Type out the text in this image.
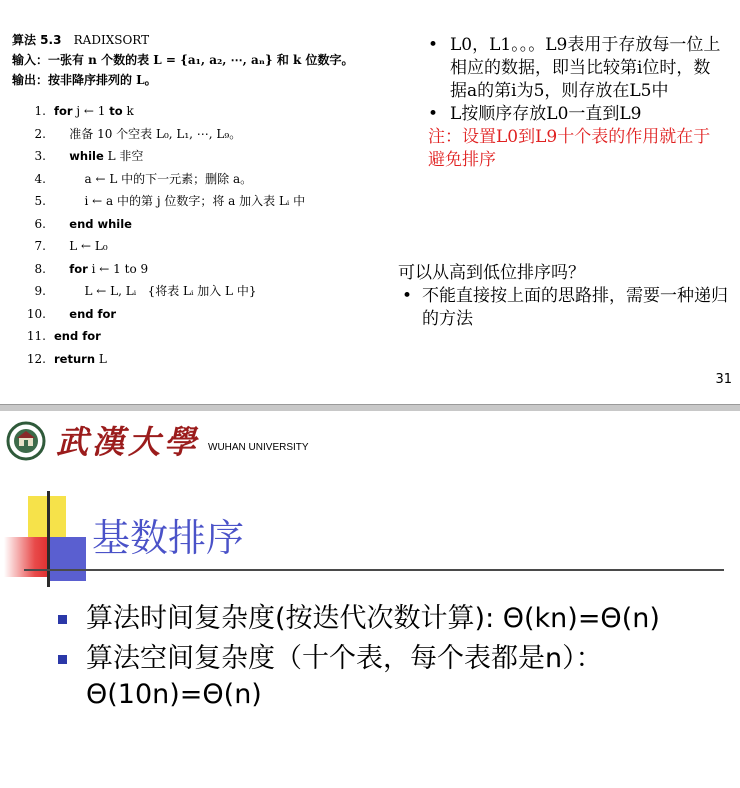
算法 5.3 RADIXSORT
输入：一张有 n 个数的表 L = {a₁, a₂, ⋯, aₙ} 和 k 位数字。
输出：按非降序排列的 L。
1. for j ← 1 to k
2. 准备 10 个空表 L₀, L₁, ⋯, L₉。
3.	while L 非空
4. a ← L 中的下一元素；删除 a。
5. i ← a 中的第 j 位数字；将 a 加入表 Lᵢ 中
6.	end while
7. L ← L₀
8.	for i ← 1 to 9
9. L ← L, Lᵢ   {将表 Lᵢ 加入 L 中}
10.	end for
11. end for
12. return L
• L0，L1。。。L9表用于存放每一位上相应的数据，即当比较第i位时，数据a的第i为5，则存放在L5中
• L按顺序存放L0一直到L9
注：设置L0到L9十个表的作用就在于避免排序
可以从高到低位排序吗？
• 不能直接按上面的思路排，需要一种递归的方法
31
武漢大學 WUHAN UNIVERSITY
基数排序
算法时间复杂度(按迭代次数计算): Θ(kn)=Θ(n)
算法空间复杂度（十个表，每个表都是n）： Θ(10n)=Θ(n)
